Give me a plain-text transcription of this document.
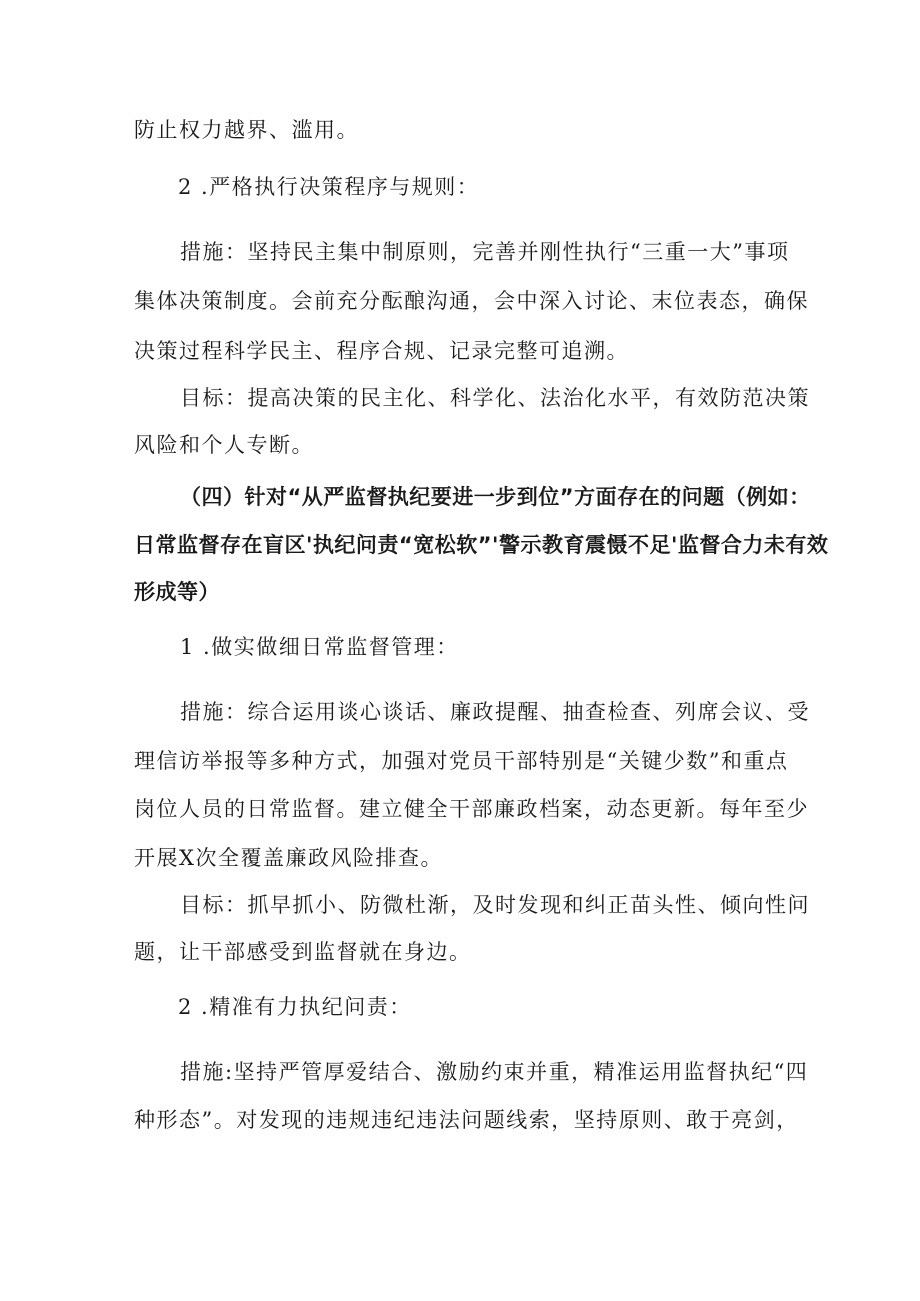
防止权力越界、滥用。
2 .严格执行决策程序与规则：
措施：坚持民主集中制原则，完善并刚性执行“三重一大”事项
集体决策制度。会前充分酝酿沟通，会中深入讨论、末位表态，确保
决策过程科学民主、程序合规、记录完整可追溯。
目标：提高决策的民主化、科学化、法治化水平，有效防范决策
风险和个人专断。
（四）针对“从严监督执纪要进一步到位”方面存在的问题（例如：
日常监督存在盲区'执纪问责“宽松软”'警示教育震慑不足'监督合力未有效
形成等）
1 .做实做细日常监督管理：
措施：综合运用谈心谈话、廉政提醒、抽查检查、列席会议、受
理信访举报等多种方式，加强对党员干部特别是“关键少数”和重点
岗位人员的日常监督。建立健全干部廉政档案，动态更新。每年至少
开展X次全覆盖廉政风险排查。
目标：抓早抓小、防微杜渐，及时发现和纠正苗头性、倾向性问
题，让干部感受到监督就在身边。
2 .精准有力执纪问责：
措施:坚持严管厚爱结合、激励约束并重，精准运用监督执纪“四
种形态”。对发现的违规违纪违法问题线索，坚持原则、敢于亮剑，
